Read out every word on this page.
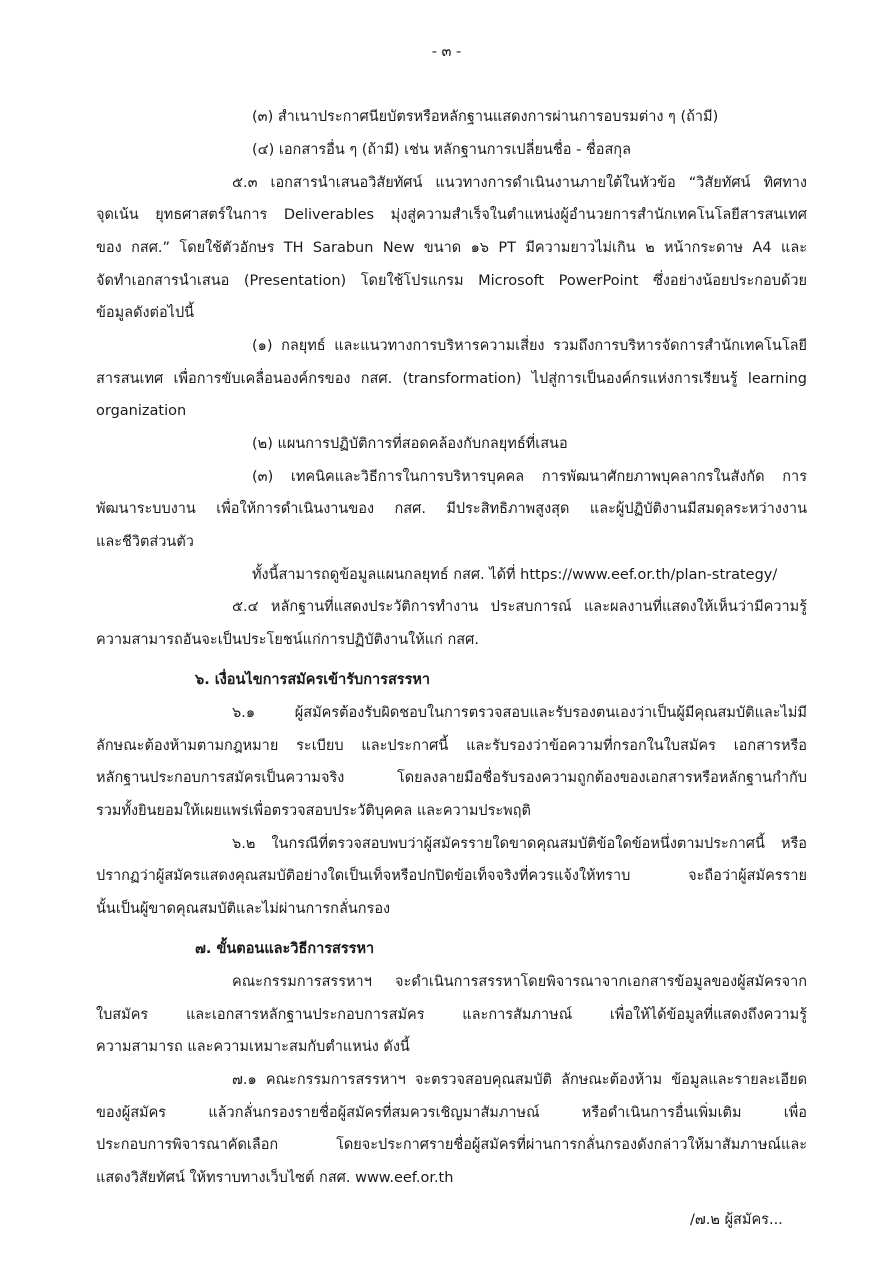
- ๓ -
(๓) สำเนาประกาศนียบัตรหรือหลักฐานแสดงการผ่านการอบรมต่าง ๆ (ถ้ามี)
(๔) เอกสารอื่น ๆ (ถ้ามี) เช่น หลักฐานการเปลี่ยนชื่อ - ชื่อสกุล
๕.๓ เอกสารนำเสนอวิสัยทัศน์ แนวทางการดำเนินงานภายใต้ในหัวข้อ “วิสัยทัศน์ ทิศทาง
จุดเน้น ยุทธศาสตร์ในการ Deliverables มุ่งสู่ความสำเร็จในตำแหน่งผู้อำนวยการสำนักเทคโนโลยีสารสนเทศ
ของ กสศ.” โดยใช้ตัวอักษร TH Sarabun New ขนาด ๑๖ PT มีความยาวไม่เกิน ๒ หน้ากระดาษ A4 และ
จัดทำเอกสารนำเสนอ (Presentation) โดยใช้โปรแกรม Microsoft PowerPoint ซึ่งอย่างน้อยประกอบด้วย
ข้อมูลดังต่อไปนี้
(๑) กลยุทธ์ และแนวทางการบริหารความเสี่ยง รวมถึงการบริหารจัดการสำนักเทคโนโลยี
สารสนเทศ เพื่อการขับเคลื่อนองค์กรของ กสศ. (transformation) ไปสู่การเป็นองค์กรแห่งการเรียนรู้ learning
organization
(๒) แผนการปฏิบัติการที่สอดคล้องกับกลยุทธ์ที่เสนอ
(๓) เทคนิคและวิธีการในการบริหารบุคคล การพัฒนาศักยภาพบุคลากรในสังกัด การ
พัฒนาระบบงาน เพื่อให้การดำเนินงานของ กสศ. มีประสิทธิภาพสูงสุด และผู้ปฏิบัติงานมีสมดุลระหว่างงาน
และชีวิตส่วนตัว
ทั้งนี้สามารถดูข้อมูลแผนกลยุทธ์ กสศ. ได้ที่ https://www.eef.or.th/plan-strategy/
๕.๔ หลักฐานที่แสดงประวัติการทำงาน ประสบการณ์ และผลงานที่แสดงให้เห็นว่ามีความรู้
ความสามารถอันจะเป็นประโยชน์แก่การปฏิบัติงานให้แก่ กสศ.
๖. เงื่อนไขการสมัครเข้ารับการสรรหา
๖.๑ ผู้สมัครต้องรับผิดชอบในการตรวจสอบและรับรองตนเองว่าเป็นผู้มีคุณสมบัติและไม่มี
ลักษณะต้องห้ามตามกฎหมาย ระเบียบ และประกาศนี้ และรับรองว่าข้อความที่กรอกในใบสมัคร เอกสารหรือ
หลักฐานประกอบการสมัครเป็นความจริง โดยลงลายมือชื่อรับรองความถูกต้องของเอกสารหรือหลักฐานกำกับ
รวมทั้งยินยอมให้เผยแพร่เพื่อตรวจสอบประวัติบุคคล และความประพฤติ
๖.๒ ในกรณีที่ตรวจสอบพบว่าผู้สมัครรายใดขาดคุณสมบัติข้อใดข้อหนึ่งตามประกาศนี้ หรือ
ปรากฏว่าผู้สมัครแสดงคุณสมบัติอย่างใดเป็นเท็จหรือปกปิดข้อเท็จจริงที่ควรแจ้งให้ทราบ จะถือว่าผู้สมัครราย
นั้นเป็นผู้ขาดคุณสมบัติและไม่ผ่านการกลั่นกรอง
๗. ขั้นตอนและวิธีการสรรหา
คณะกรรมการสรรหาฯ จะดำเนินการสรรหาโดยพิจารณาจากเอกสารข้อมูลของผู้สมัครจาก
ใบสมัคร และเอกสารหลักฐานประกอบการสมัคร และการสัมภาษณ์ เพื่อให้ได้ข้อมูลที่แสดงถึงความรู้
ความสามารถ และความเหมาะสมกับตำแหน่ง ดังนี้
๗.๑ คณะกรรมการสรรหาฯ จะตรวจสอบคุณสมบัติ ลักษณะต้องห้าม ข้อมูลและรายละเอียด
ของผู้สมัคร แล้วกลั่นกรองรายชื่อผู้สมัครที่สมควรเชิญมาสัมภาษณ์ หรือดำเนินการอื่นเพิ่มเติม เพื่อ
ประกอบการพิจารณาคัดเลือก โดยจะประกาศรายชื่อผู้สมัครที่ผ่านการกลั่นกรองดังกล่าวให้มาสัมภาษณ์และ
แสดงวิสัยทัศน์ ให้ทราบทางเว็บไซต์ กสศ. www.eef.or.th
/๗.๒ ผู้สมัคร...
